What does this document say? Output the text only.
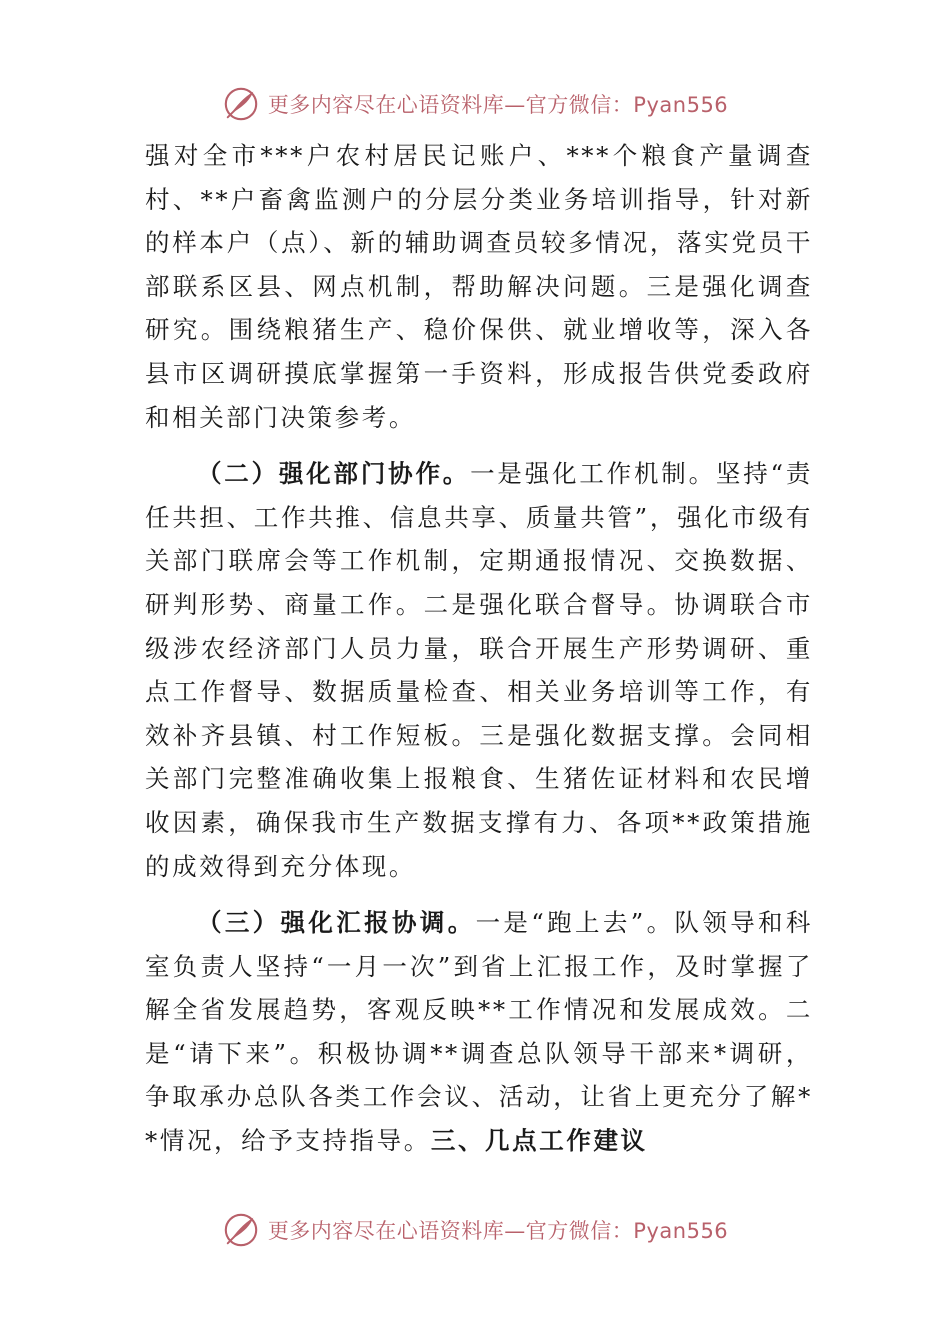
更多内容尽在心语资料库—官方微信：Pyan556

强对全市***户农村居民记账户、***个粮食产量调查村、**户畜禽监测户的分层分类业务培训指导，针对新的样本户（点）、新的辅助调查员较多情况，落实党员干部联系区县、网点机制，帮助解决问题。三是强化调查研究。围绕粮猪生产、稳价保供、就业增收等，深入各县市区调研摸底掌握第一手资料，形成报告供党委政府和相关部门决策参考。

（二）强化部门协作。一是强化工作机制。坚持“责任共担、工作共推、信息共享、质量共管”，强化市级有关部门联席会等工作机制，定期通报情况、交换数据、研判形势、商量工作。二是强化联合督导。协调联合市级涉农经济部门人员力量，联合开展生产形势调研、重点工作督导、数据质量检查、相关业务培训等工作，有效补齐县镇、村工作短板。三是强化数据支撑。会同相关部门完整准确收集上报粮食、生猪佐证材料和农民增收因素，确保我市生产数据支撑有力、各项**政策措施的成效得到充分体现。

（三）强化汇报协调。一是“跑上去”。队领导和科室负责人坚持“一月一次”到省上汇报工作，及时掌握了解全省发展趋势，客观反映**工作情况和发展成效。二是“请下来”。积极协调**调查总队领导干部来*调研，争取承办总队各类工作会议、活动，让省上更充分了解**情况，给予支持指导。三、几点工作建议

更多内容尽在心语资料库—官方微信：Pyan556
